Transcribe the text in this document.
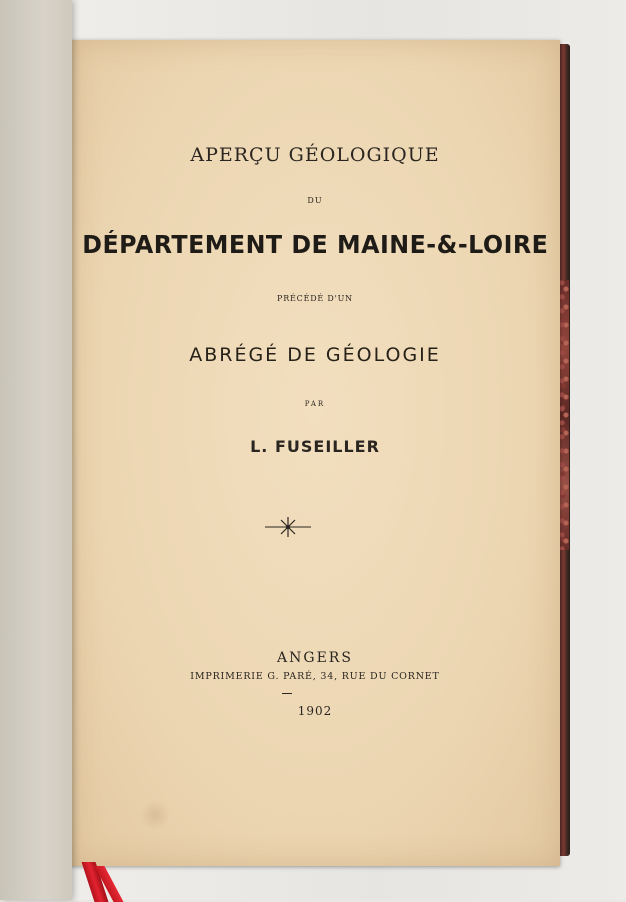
APERÇU GÉOLOGIQUE
DU
DÉPARTEMENT DE MAINE-&-LOIRE
PRÉCÉDÉ D'UN
ABRÉGÉ DE GÉOLOGIE
PAR
L. FUSEILLER
ANGERS
IMPRIMERIE G. PARÉ, 34, RUE DU CORNET
1902
